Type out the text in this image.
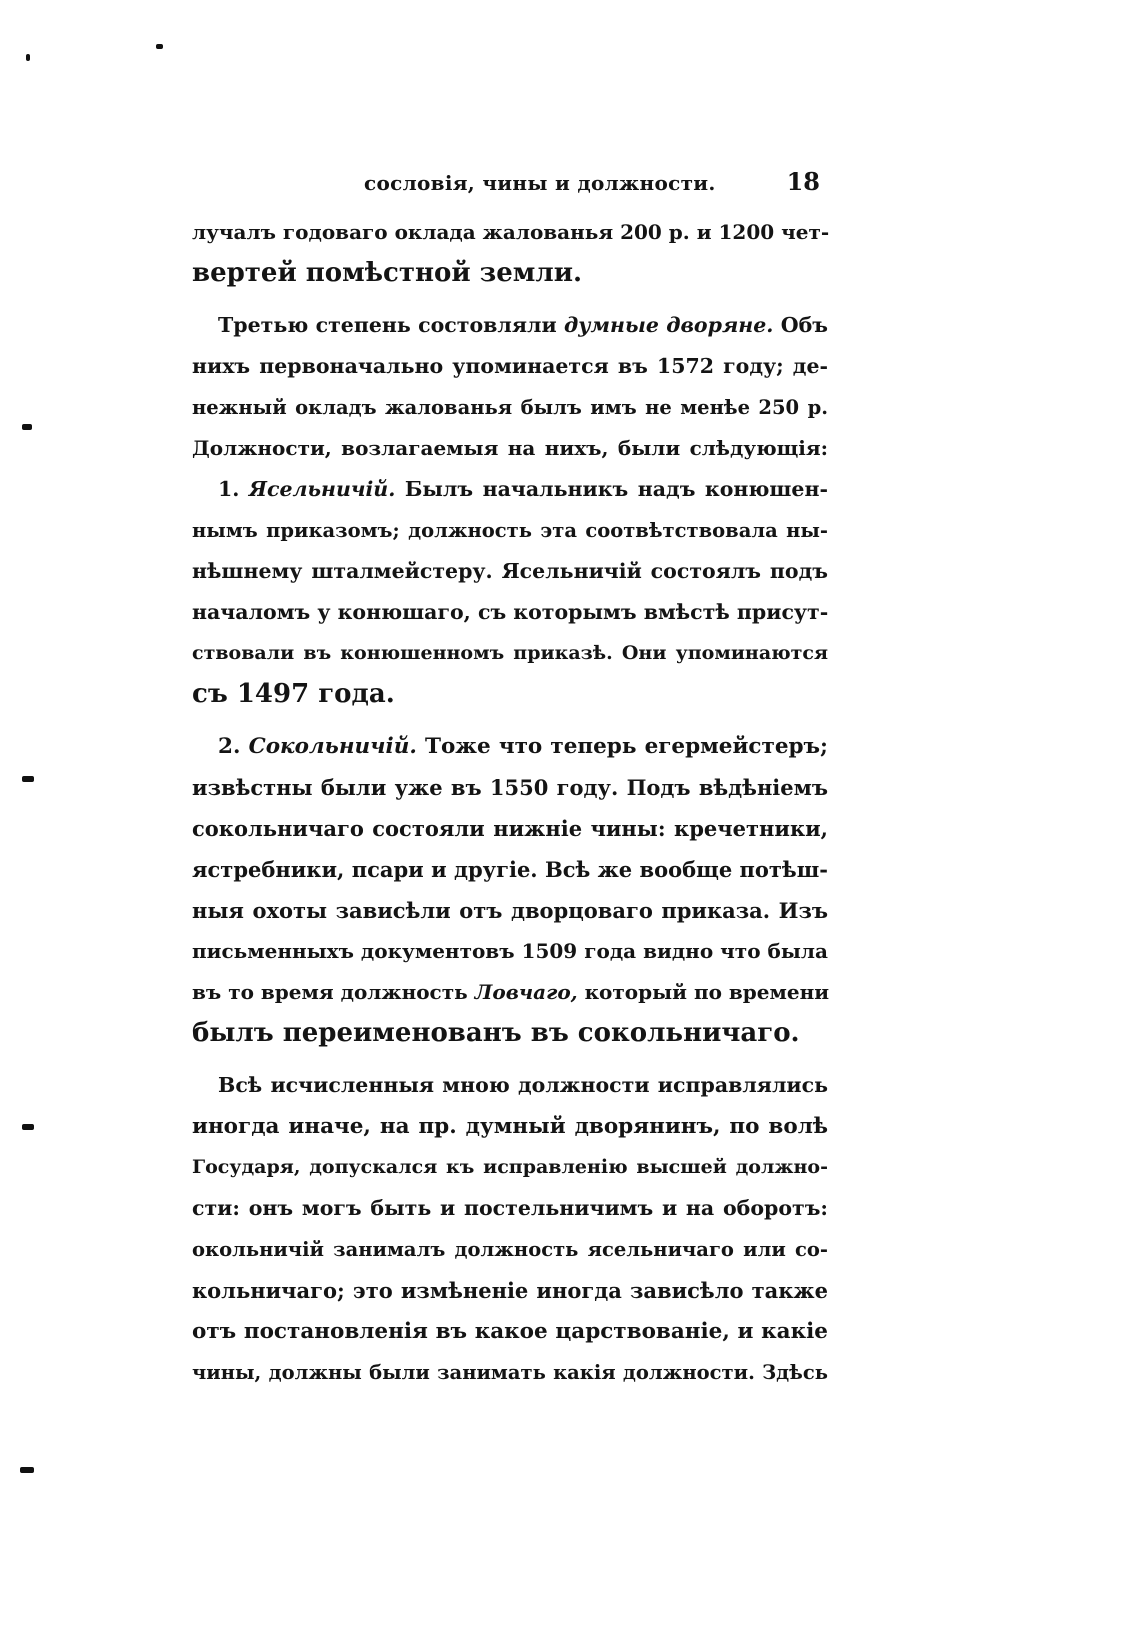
сословія, чины и должности.	18
лучалъ годоваго оклада жалованья 200 р. и 1200 чет-
вертей помѣстной земли.
Третью степень состовляли думные дворяне. Объ
нихъ первоначально упоминается въ 1572 году; де-
нежный окладъ жалованья былъ имъ не менѣе 250 р.
Должности, возлагаемыя на нихъ, были слѣдующія:
1. Ясельничій. Былъ начальникъ надъ конюшен-
нымъ приказомъ; должность эта соотвѣтствовала ны-
нѣшнему шталмейстеру. Ясельничій состоялъ подъ
началомъ у конюшаго, съ которымъ вмѣстѣ присут-
ствовали въ конюшенномъ приказѣ. Они упоминаются
съ 1497 года.
2. Сокольничій. Тоже что теперь егермейстеръ;
извѣстны были уже въ 1550 году. Подъ вѣдѣніемъ
сокольничаго состояли нижніе чины: кречетники,
ястребники, псари и другіе. Всѣ же вообще потѣш-
ныя охоты зависѣли отъ дворцоваго приказа. Изъ
письменныхъ документовъ 1509 года видно что была
въ то время должность Ловчаго, который по времени
былъ переименованъ въ сокольничаго.
Всѣ исчисленныя мною должности исправлялись
иногда иначе, на пр. думный дворянинъ, по волѣ
Государя, допускался къ исправленію высшей должно-
сти: онъ могъ быть и постельничимъ и на оборотъ:
окольничій занималъ должность ясельничаго или со-
кольничаго; это измѣненіе иногда зависѣло также
отъ постановленія въ какое царствованіе, и какіе
чины, должны были занимать какія должности. Здѣсь
